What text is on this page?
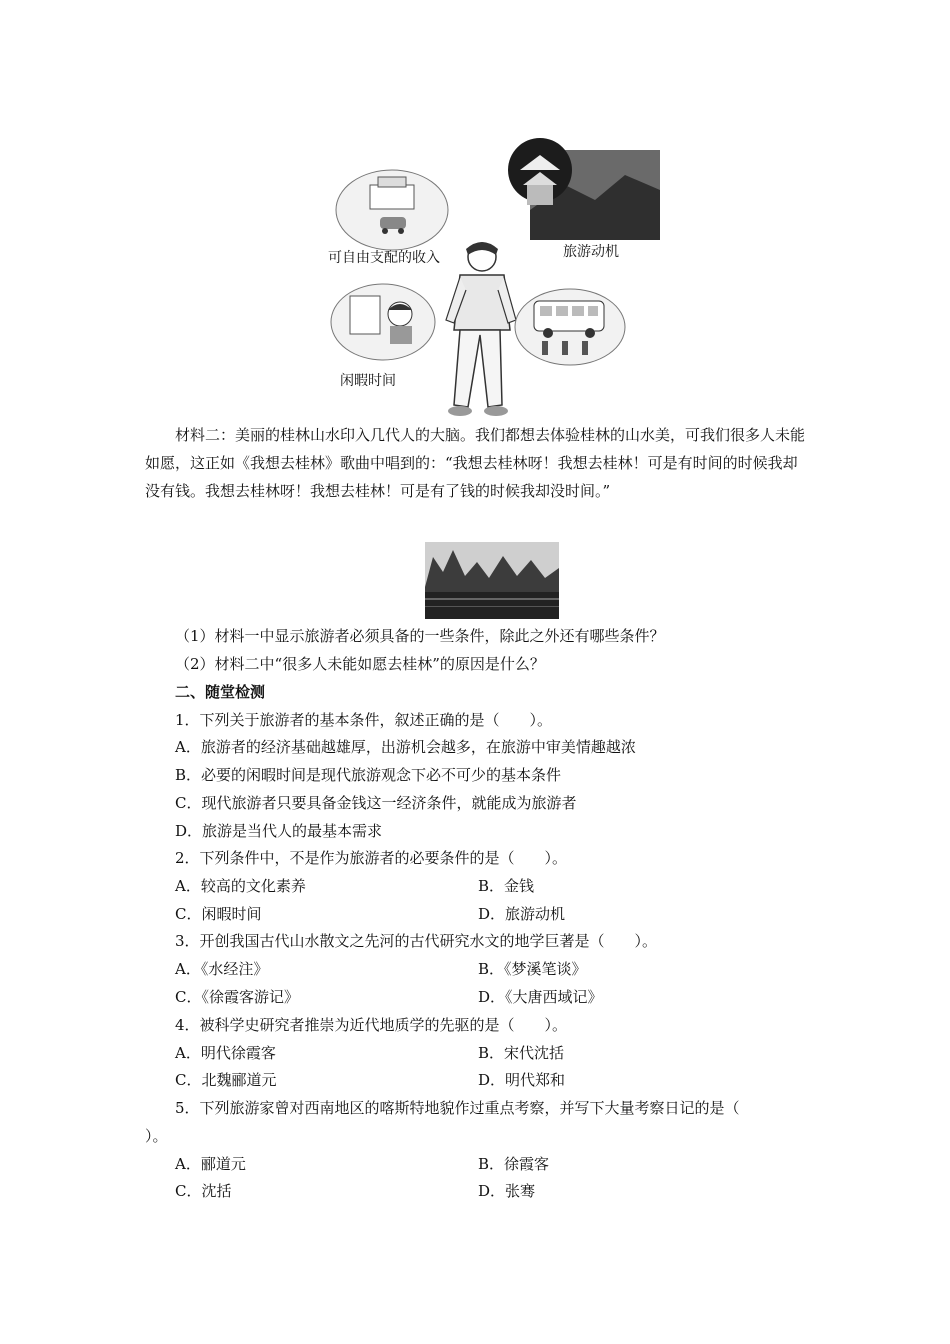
可自由支配的收入	旅游动机
闲暇时间
材料二：美丽的桂林山水印入几代人的大脑。我们都想去体验桂林的山水美，可我们很多人未能如愿，这正如《我想去桂林》歌曲中唱到的：“我想去桂林呀！我想去桂林！可是有时间的时候我却没有钱。我想去桂林呀！我想去桂林！可是有了钱的时候我却没时间。”
（1）材料一中显示旅游者必须具备的一些条件，除此之外还有哪些条件？
（2）材料二中“很多人未能如愿去桂林”的原因是什么？
二、随堂检测
1．下列关于旅游者的基本条件，叙述正确的是（　　）。
A．旅游者的经济基础越雄厚，出游机会越多，在旅游中审美情趣越浓
B．必要的闲暇时间是现代旅游观念下必不可少的基本条件
C．现代旅游者只要具备金钱这一经济条件，就能成为旅游者
D．旅游是当代人的最基本需求
2．下列条件中，不是作为旅游者的必要条件的是（　　）。
A．较高的文化素养	B．金钱
C．闲暇时间	D．旅游动机
3．开创我国古代山水散文之先河的古代研究水文的地学巨著是（　　）。
A．《水经注》	B．《梦溪笔谈》
C．《徐霞客游记》	D．《大唐西域记》
4．被科学史研究者推崇为近代地质学的先驱的是（　　）。
A．明代徐霞客	B．宋代沈括
C．北魏郦道元	D．明代郑和
5．下列旅游家曾对西南地区的喀斯特地貌作过重点考察，并写下大量考察日记的是（
）。
A．郦道元	B．徐霞客
C．沈括	D．张骞
